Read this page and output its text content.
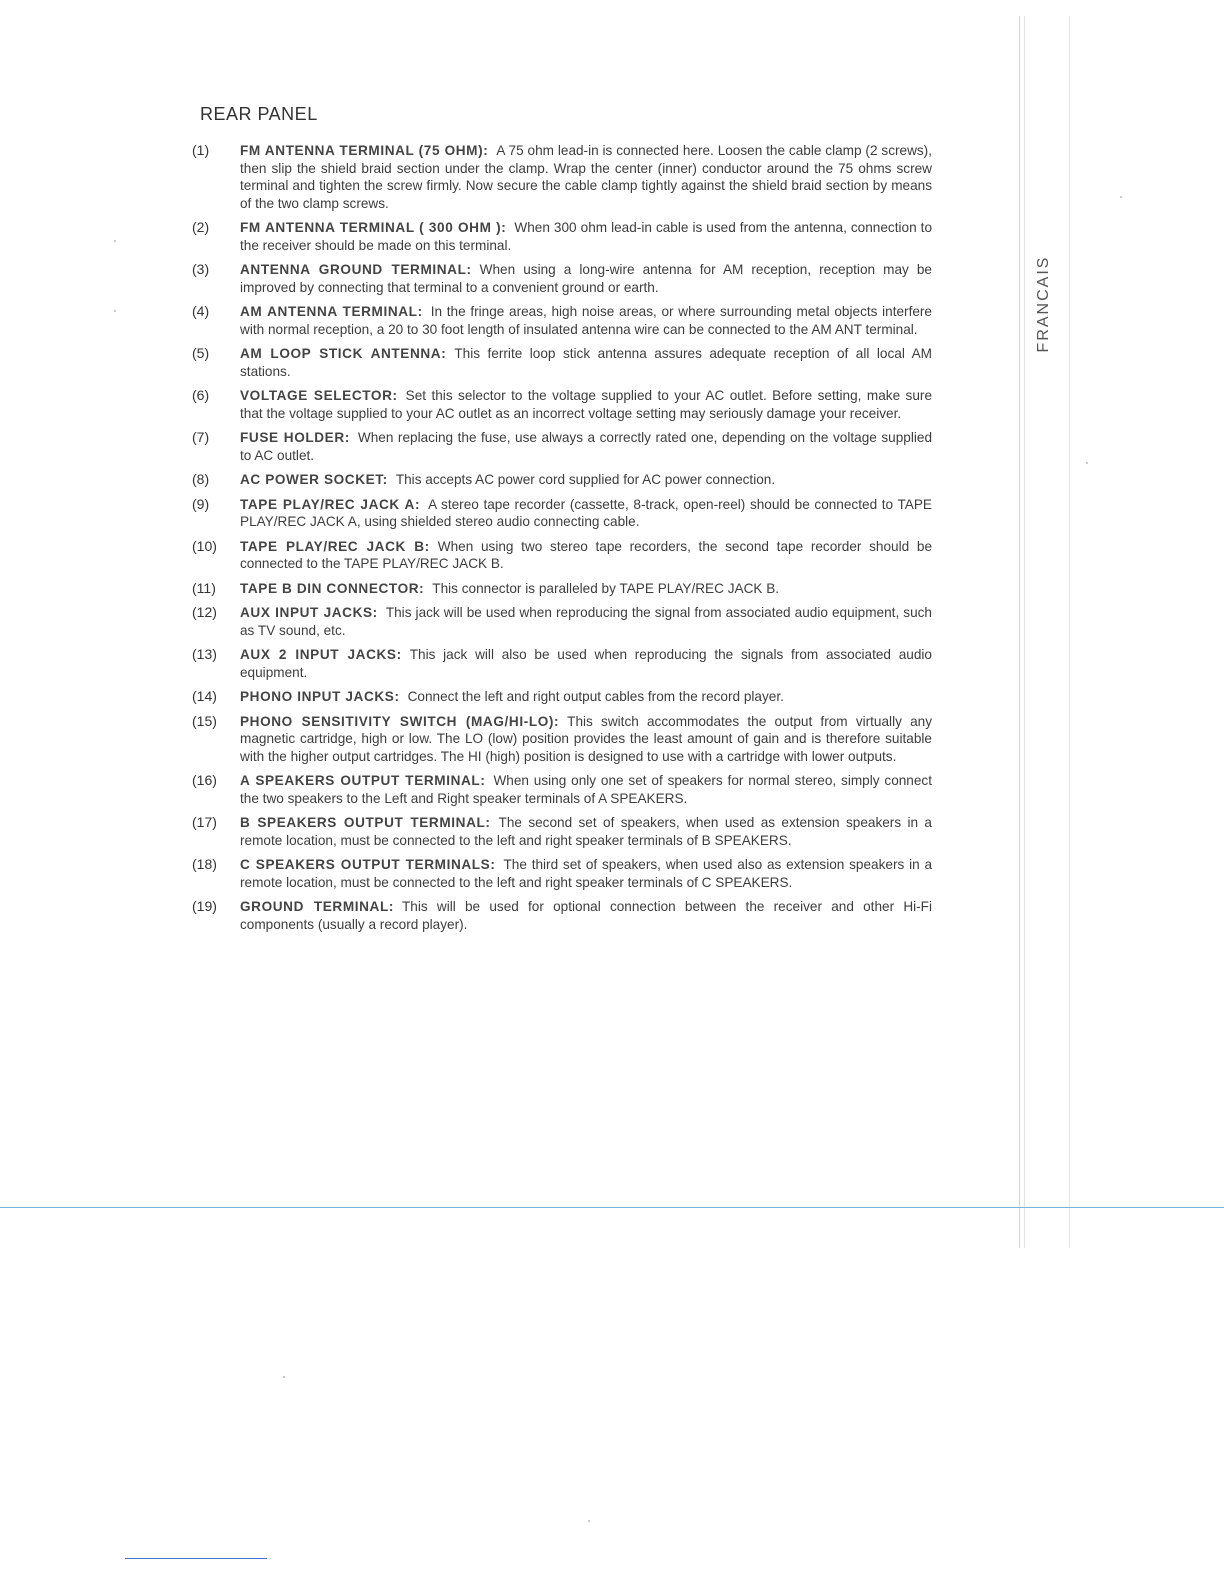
FRANCAIS
REAR PANEL
(1)	FM ANTENNA TERMINAL (75 OHM): A 75 ohm lead-in is connected here. Loosen the cable clamp (2 screws), then slip the shield braid section under the clamp. Wrap the center (inner) conductor around the 75 ohms screw terminal and tighten the screw firmly. Now secure the cable clamp tightly against the shield braid section by means of the two clamp screws.
(2)	FM ANTENNA TERMINAL ( 300 OHM ): When 300 ohm lead-in cable is used from the antenna, connection to the receiver should be made on this terminal.
(3)	ANTENNA GROUND TERMINAL: When using a long-wire antenna for AM reception, reception may be improved by connecting that terminal to a convenient ground or earth.
(4)	AM ANTENNA TERMINAL: In the fringe areas, high noise areas, or where surrounding metal objects interfere with normal reception, a 20 to 30 foot length of insulated antenna wire can be connected to the AM ANT terminal.
(5)	AM LOOP STICK ANTENNA: This ferrite loop stick antenna assures adequate reception of all local AM stations.
(6)	VOLTAGE SELECTOR: Set this selector to the voltage supplied to your AC outlet. Before setting, make sure that the voltage supplied to your AC outlet as an incorrect voltage setting may seriously damage your receiver.
(7)	FUSE HOLDER: When replacing the fuse, use always a correctly rated one, depending on the voltage supplied to AC outlet.
(8)	AC POWER SOCKET: This accepts AC power cord supplied for AC power connection.
(9)	TAPE PLAY/REC JACK A: A stereo tape recorder (cassette, 8-track, open-reel) should be connected to TAPE PLAY/REC JACK A, using shielded stereo audio connecting cable.
(10)	TAPE PLAY/REC JACK B: When using two stereo tape recorders, the second tape recorder should be connected to the TAPE PLAY/REC JACK B.
(11)	TAPE B DIN CONNECTOR: This connector is paralleled by TAPE PLAY/REC JACK B.
(12)	AUX INPUT JACKS: This jack will be used when reproducing the signal from associated audio equipment, such as TV sound, etc.
(13)	AUX 2 INPUT JACKS: This jack will also be used when reproducing the signals from associated audio equipment.
(14)	PHONO INPUT JACKS: Connect the left and right output cables from the record player.
(15)	PHONO SENSITIVITY SWITCH (MAG/HI-LO): This switch accommodates the output from virtually any magnetic cartridge, high or low. The LO (low) position provides the least amount of gain and is therefore suitable with the higher output cartridges. The HI (high) position is designed to use with a cartridge with lower outputs.
(16)	A SPEAKERS OUTPUT TERMINAL: When using only one set of speakers for normal stereo, simply connect the two speakers to the Left and Right speaker terminals of A SPEAKERS.
(17)	B SPEAKERS OUTPUT TERMINAL: The second set of speakers, when used as extension speakers in a remote location, must be connected to the left and right speaker terminals of B SPEAKERS.
(18)	C SPEAKERS OUTPUT TERMINALS: The third set of speakers, when used also as extension speakers in a remote location, must be connected to the left and right speaker terminals of C SPEAKERS.
(19)	GROUND TERMINAL: This will be used for optional connection between the receiver and other Hi-Fi components (usually a record player).
